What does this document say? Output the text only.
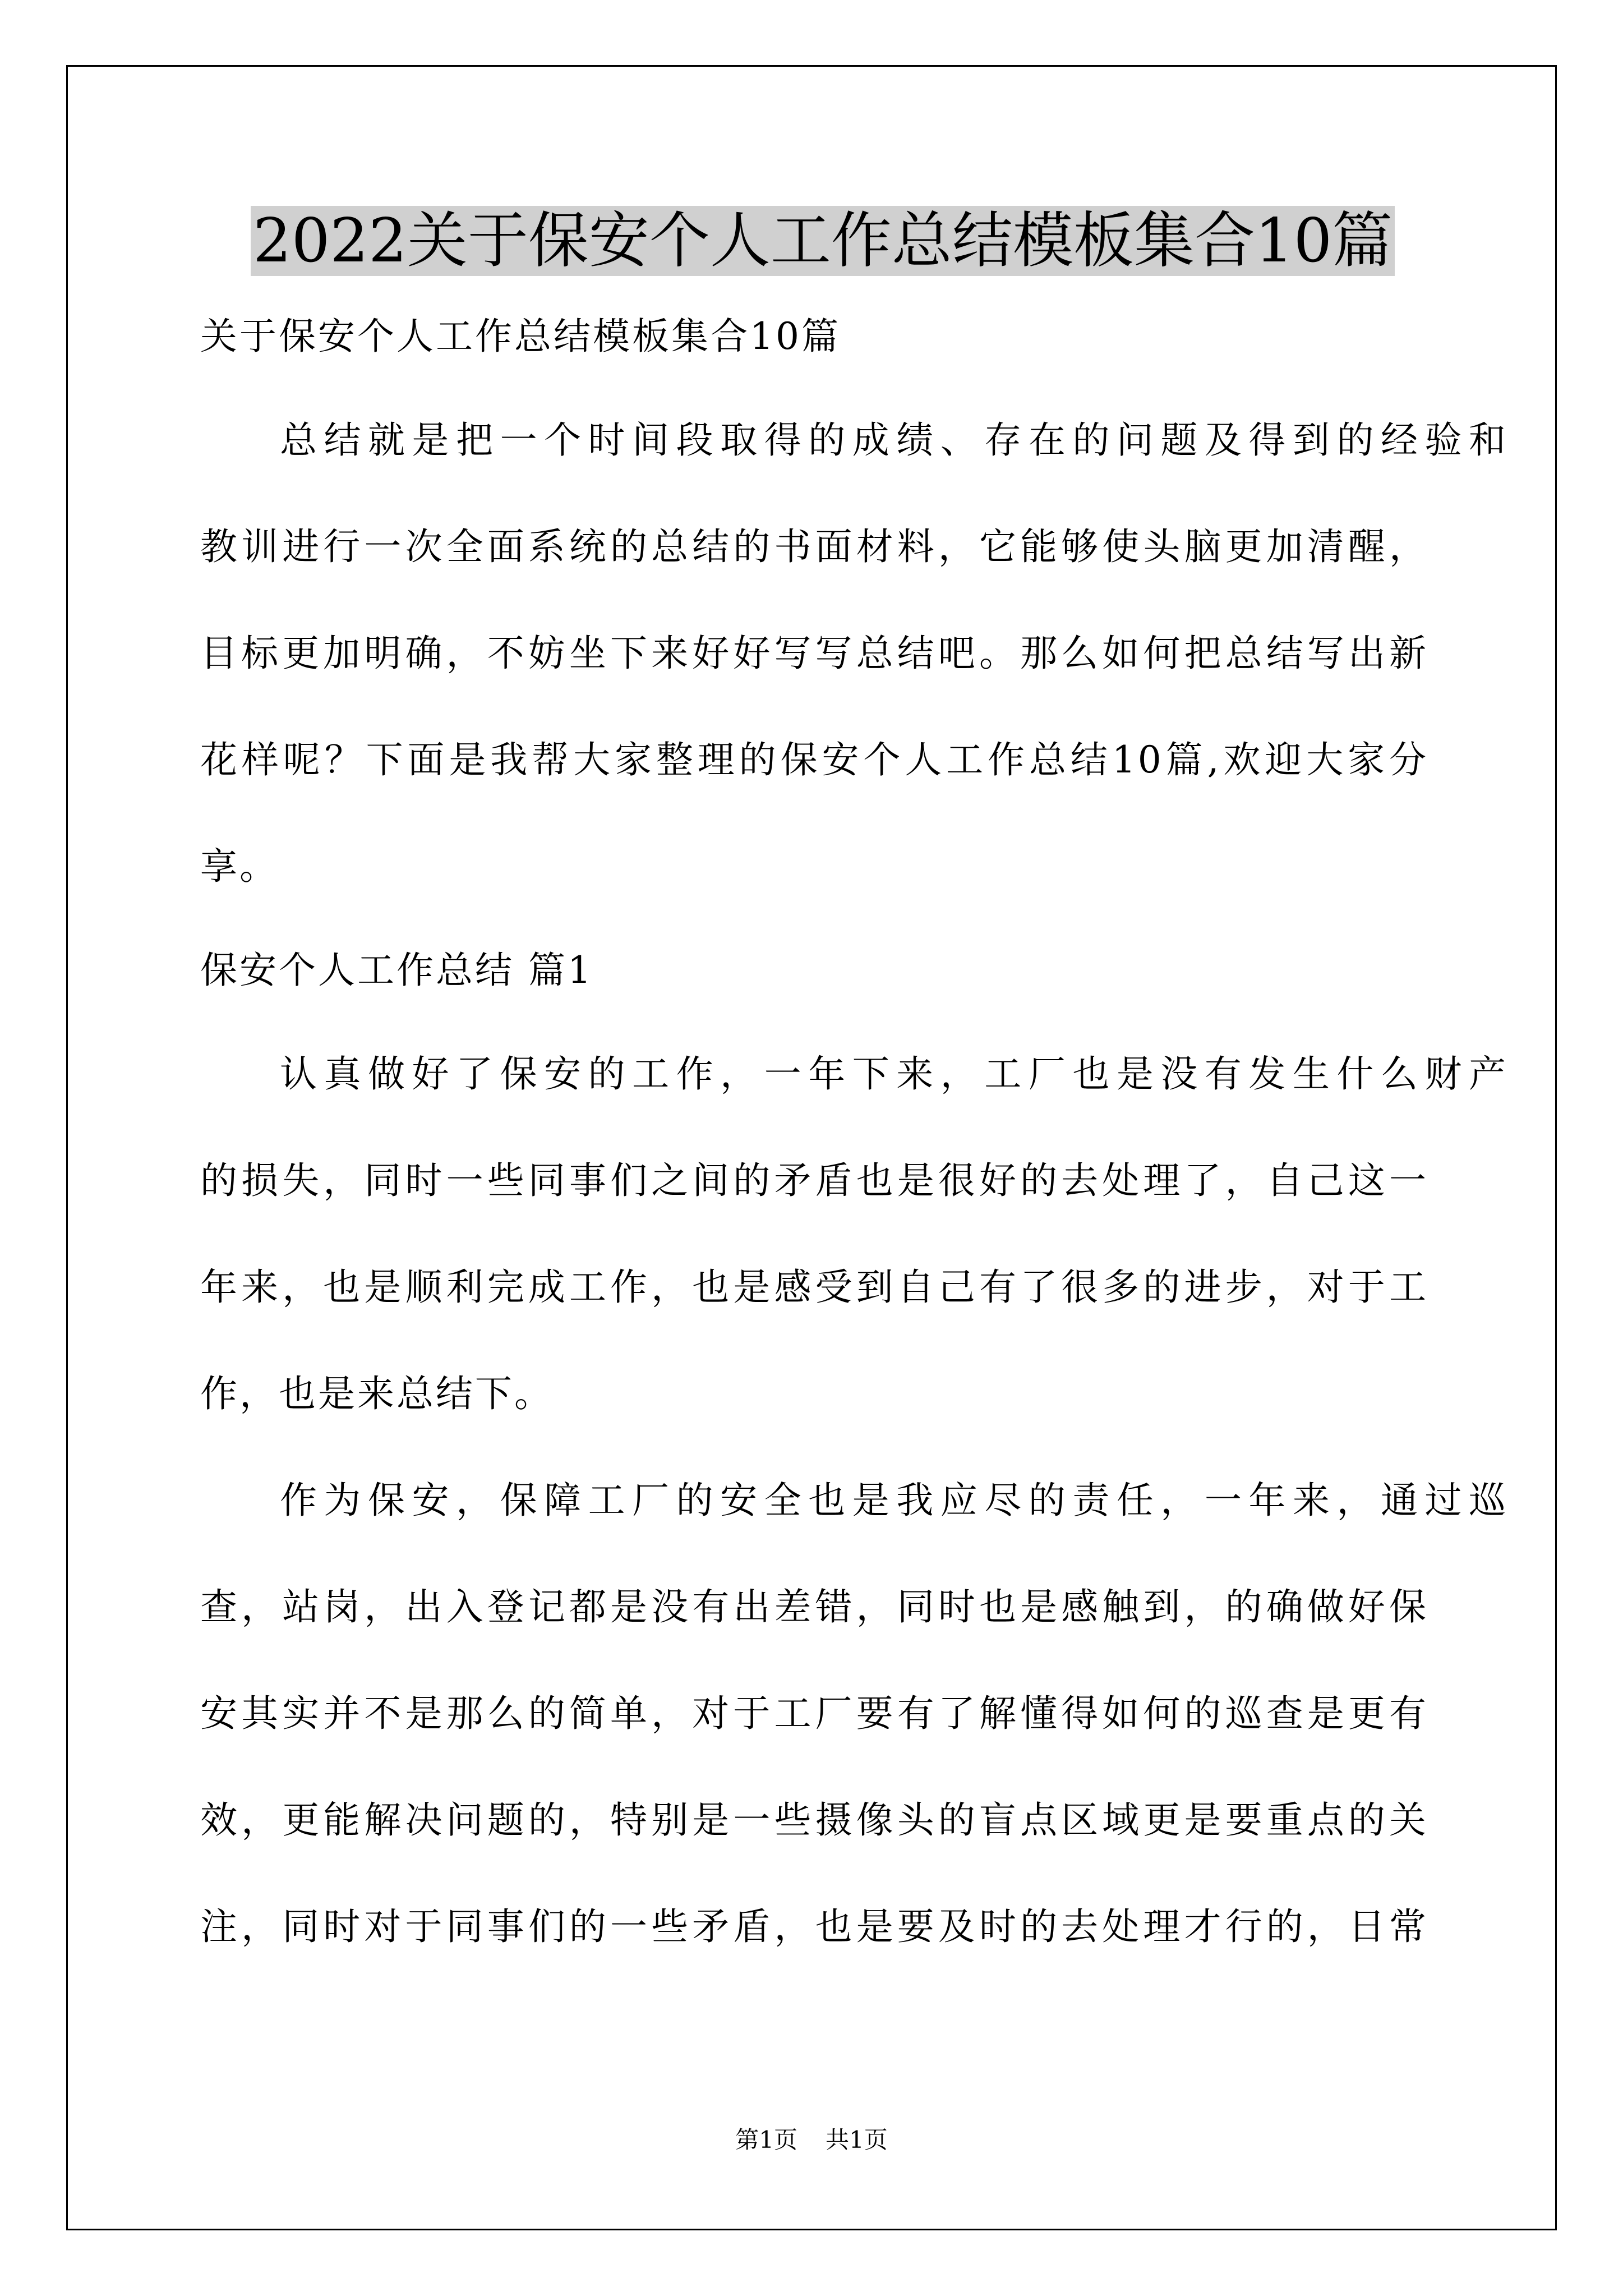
2022关于保安个人工作总结模板集合10篇
关于保安个人工作总结模板集合10篇
总结就是把一个时间段取得的成绩、存在的问题及得到的经验和
教训进行一次全面系统的总结的书面材料，它能够使头脑更加清醒，
目标更加明确，不妨坐下来好好写写总结吧。那么如何把总结写出新
花样呢？下面是我帮大家整理的保安个人工作总结10篇,欢迎大家分
享。
保安个人工作总结 篇1
认真做好了保安的工作，一年下来，工厂也是没有发生什么财产
的损失，同时一些同事们之间的矛盾也是很好的去处理了，自己这一
年来，也是顺利完成工作，也是感受到自己有了很多的进步，对于工
作，也是来总结下。
作为保安，保障工厂的安全也是我应尽的责任，一年来，通过巡
查，站岗，出入登记都是没有出差错，同时也是感触到，的确做好保
安其实并不是那么的简单，对于工厂要有了解懂得如何的巡查是更有
效，更能解决问题的，特别是一些摄像头的盲点区域更是要重点的关
注，同时对于同事们的一些矛盾，也是要及时的去处理才行的，日常
第1页 共1页
